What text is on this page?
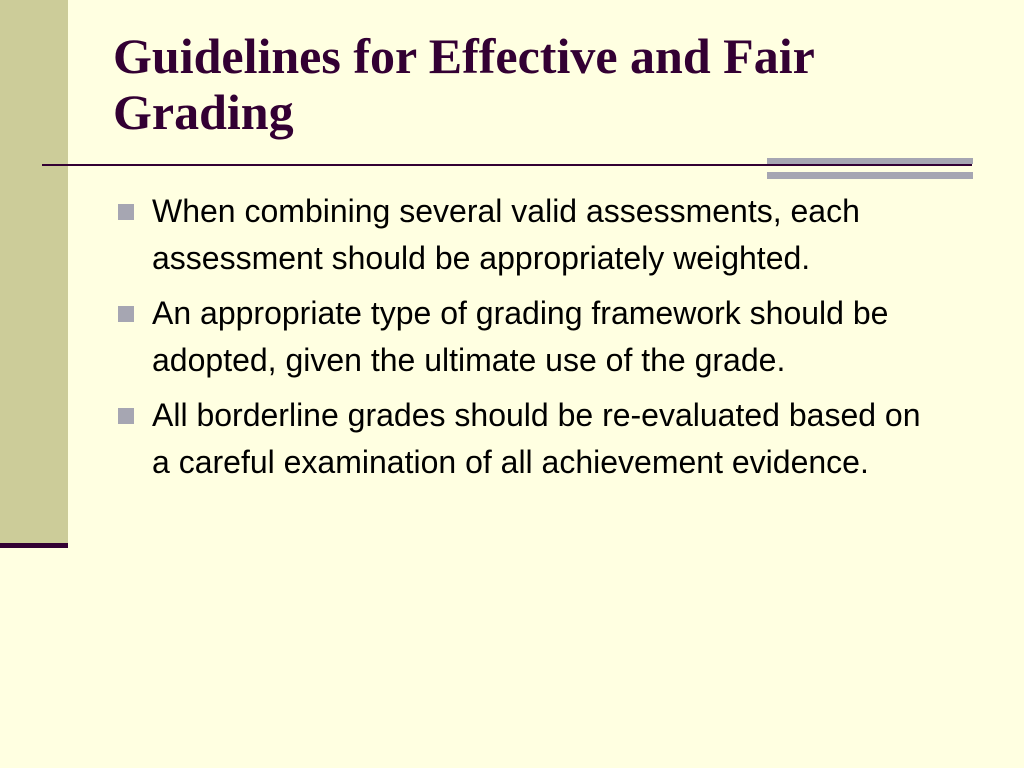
Guidelines for Effective and Fair Grading
When combining several valid assessments, each assessment should be appropriately weighted.
An appropriate type of grading framework should be adopted, given the ultimate use of the grade.
All borderline grades should be re-evaluated based on a careful examination of all achievement evidence.
